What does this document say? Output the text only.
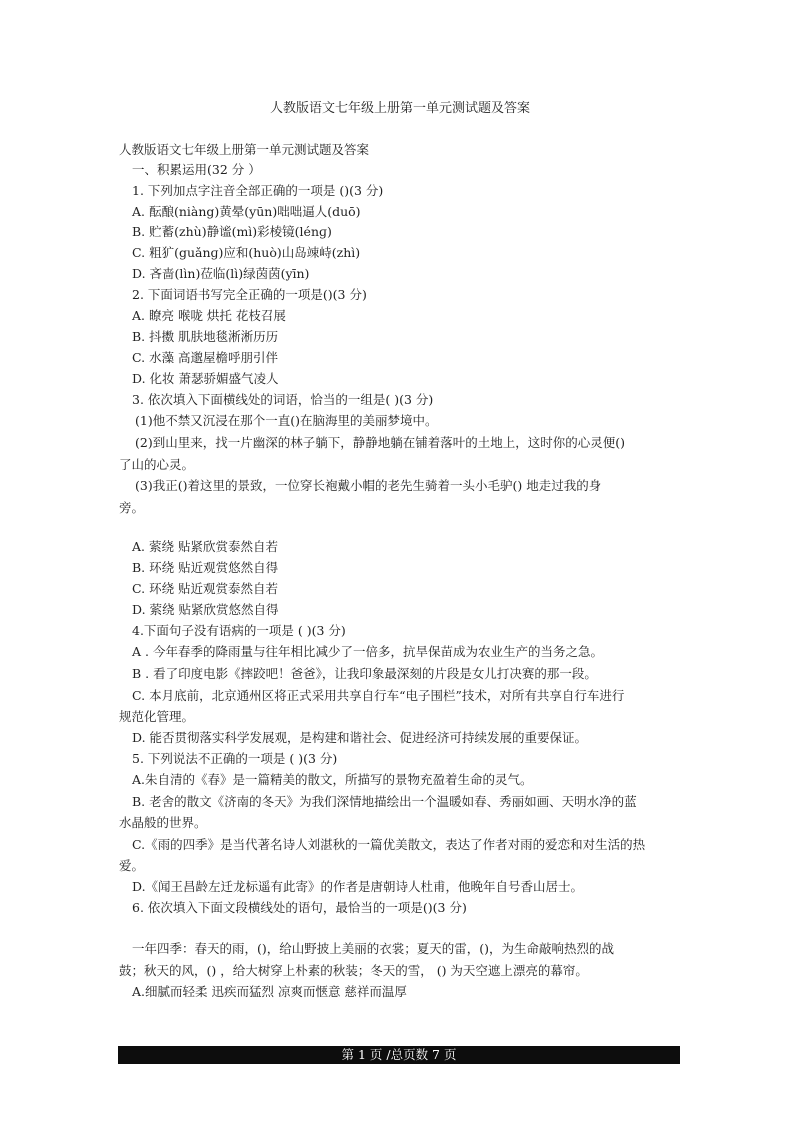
人教版语文七年级上册第一单元测试题及答案
人教版语文七年级上册第一单元测试题及答案
一、积累运用(32 分 ）
1. 下列加点字注音全部正确的一项是 ()(3 分)
A. 酝酿(niàng)黄晕(yūn)咄咄逼人(duō)
B. 贮蓄(zhù)静谧(mì)彩棱镜(lénɡ)
C. 粗犷(guǎnɡ)应和(huò)山岛竦峙(zhì)
D. 吝啬(lìn)莅临(lì)绿茵茵(yīn)
2. 下面词语书写完全正确的一项是()(3 分)
A. 瞭亮 喉咙 烘托 花枝召展
B. 抖擞 肌肤地毯淅淅历历
C. 水藻 高邈屋檐呼朋引伴
D. 化妆 萧瑟骄媚盛气凌人
3. 依次填入下面横线处的词语，恰当的一组是( )(3 分)
(1)他不禁又沉浸在那个一直()在脑海里的美丽梦境中。
(2)到山里来，找一片幽深的林子躺下，静静地躺在铺着落叶的土地上，这时你的心灵便()
了山的心灵。
(3)我正()着这里的景致，一位穿长袍戴小帽的老先生骑着一头小毛驴() 地走过我的身
旁。
A. 萦绕 贴紧欣赏泰然自若
B. 环绕 贴近观赏悠然自得
C. 环绕 贴近观赏泰然自若
D. 萦绕 贴紧欣赏悠然自得
4.下面句子没有语病的一项是 ( )(3 分)
A . 今年春季的降雨量与往年相比减少了一倍多，抗旱保苗成为农业生产的当务之急。
B . 看了印度电影《摔跤吧！爸爸》，让我印象最深刻的片段是女儿打决赛的那一段。
C. 本月底前，北京通州区将正式采用共享自行车“电子围栏”技术，对所有共享自行车进行
规范化管理。
D. 能否贯彻落实科学发展观，是构建和谐社会、促进经济可持续发展的重要保证。
5. 下列说法不正确的一项是 ( )(3 分)
A.朱自清的《春》是一篇精美的散文，所描写的景物充盈着生命的灵气。
B. 老舍的散文《济南的冬天》为我们深情地描绘出一个温暖如春、秀丽如画、天明水净的蓝
水晶般的世界。
C.《雨的四季》是当代著名诗人刘湛秋的一篇优美散文，表达了作者对雨的爱恋和对生活的热
爱。
D.《闻王昌龄左迁龙标遥有此寄》的作者是唐朝诗人杜甫，他晚年自号香山居士。
6. 依次填入下面文段横线处的语句，最恰当的一项是()(3 分)
一年四季：春天的雨，()，给山野披上美丽的衣裳；夏天的雷，()，为生命敲响热烈的战
鼓；秋天的风，() ，给大树穿上朴素的秋装；冬天的雪， () 为天空遮上漂亮的幕帘。
A.细腻而轻柔 迅疾而猛烈 凉爽而惬意 慈祥而温厚
第 1 页 /总页数 7 页
